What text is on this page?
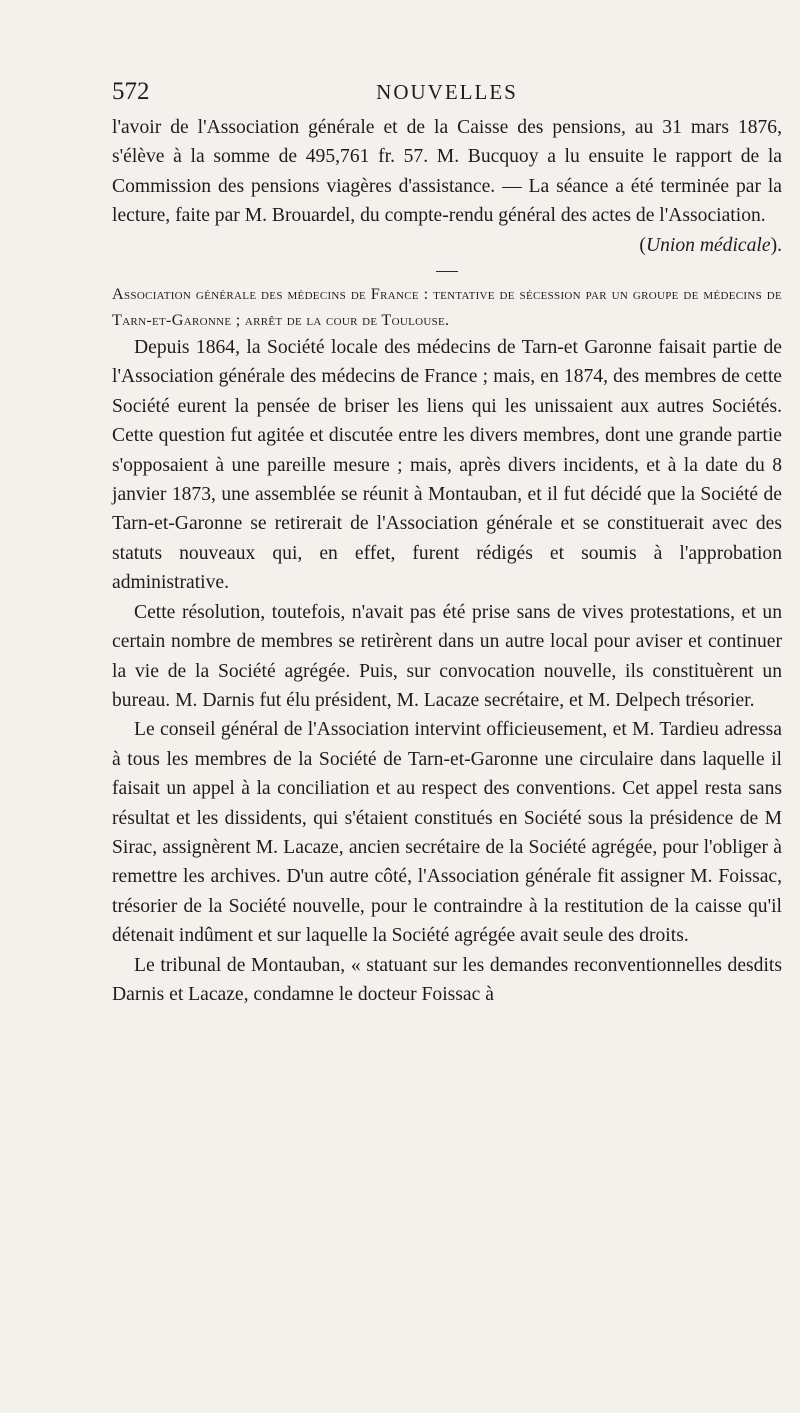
572	NOUVELLES

l'avoir de l'Association générale et de la Caisse des pensions, au 31 mars 1876, s'élève à la somme de 495,761 fr. 57. M. Bucquoy a lu ensuite le rapport de la Commission des pensions viagères d'assistance. — La séance a été terminée par la lecture, faite par M. Brouardel, du compte-rendu général des actes de l'Association.

(Union médicale).

Association générale des médecins de France : tentative de sécession par un groupe de médecins de Tarn-et-Garonne ; arrêt de la cour de Toulouse.

Depuis 1864, la Société locale des médecins de Tarn-et Garonne faisait partie de l'Association générale des médecins de France ; mais, en 1874, des membres de cette Société eurent la pensée de briser les liens qui les unissaient aux autres Sociétés. Cette question fut agitée et discutée entre les divers membres, dont une grande partie s'opposaient à une pareille mesure ; mais, après divers incidents, et à la date du 8 janvier 1873, une assemblée se réunit à Montauban, et il fut décidé que la Société de Tarn-et-Garonne se retirerait de l'Association générale et se constituerait avec des statuts nouveaux qui, en effet, furent rédigés et soumis à l'approbation administrative.

Cette résolution, toutefois, n'avait pas été prise sans de vives protestations, et un certain nombre de membres se retirèrent dans un autre local pour aviser et continuer la vie de la Société agrégée. Puis, sur convocation nouvelle, ils constituèrent un bureau. M. Darnis fut élu président, M. Lacaze secrétaire, et M. Delpech trésorier.

Le conseil général de l'Association intervint officieusement, et M. Tardieu adressa à tous les membres de la Société de Tarn-et-Garonne une circulaire dans laquelle il faisait un appel à la conciliation et au respect des conventions. Cet appel resta sans résultat et les dissidents, qui s'étaient constitués en Société sous la présidence de M Sirac, assignèrent M. Lacaze, ancien secrétaire de la Société agrégée, pour l'obliger à remettre les archives. D'un autre côté, l'Association générale fit assigner M. Foissac, trésorier de la Société nouvelle, pour le contraindre à la restitution de la caisse qu'il détenait indûment et sur laquelle la Société agrégée avait seule des droits.

Le tribunal de Montauban, « statuant sur les demandes reconventionnelles desdits Darnis et Lacaze, condamne le docteur Foissac à
